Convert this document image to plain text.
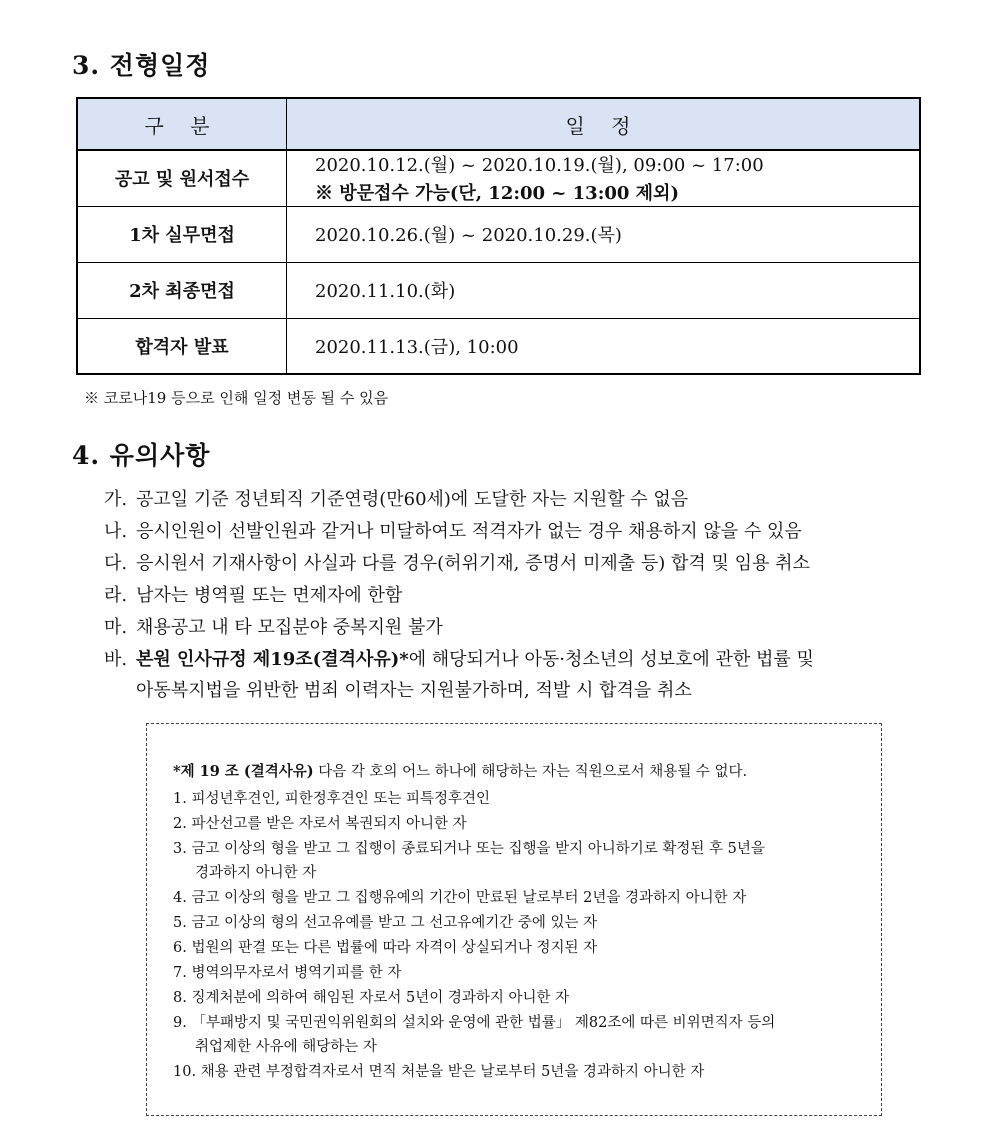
3. 전형일정
구 분	일 정
공고 및 원서접수	2020.10.12.(월) ~ 2020.10.19.(월), 09:00 ~ 17:00
※ 방문접수 가능(단, 12:00 ~ 13:00 제외)

1차 실무면접	2020.10.26.(월) ~ 2020.10.29.(목)
2차 최종면접	2020.11.10.(화)
합격자 발표	2020.11.13.(금), 10:00
※ 코로나19 등으로 인해 일정 변동 될 수 있음
4. 유의사항
가. 공고일 기준 정년퇴직 기준연령(만60세)에 도달한 자는 지원할 수 없음
나. 응시인원이 선발인원과 같거나 미달하여도 적격자가 없는 경우 채용하지 않을 수 있음
다. 응시원서 기재사항이 사실과 다를 경우(허위기재, 증명서 미제출 등) 합격 및 임용 취소
라. 남자는 병역필 또는 면제자에 한함
마. 채용공고 내 타 모집분야 중복지원 불가
바. 본원 인사규정 제19조(결격사유)*에 해당되거나 아동·청소년의 성보호에 관한 법률 및
아동복지법을 위반한 범죄 이력자는 지원불가하며, 적발 시 합격을 취소
*제 19 조 (결격사유) 다음 각 호의 어느 하나에 해당하는 자는 직원으로서 채용될 수 없다.
1. 피성년후견인, 피한정후견인 또는 피특정후견인
2. 파산선고를 받은 자로서 복권되지 아니한 자
3. 금고 이상의 형을 받고 그 집행이 종료되거나 또는 집행을 받지 아니하기로 확정된 후 5년을
경과하지 아니한 자
4. 금고 이상의 형을 받고 그 집행유예의 기간이 만료된 날로부터 2년을 경과하지 아니한 자
5. 금고 이상의 형의 선고유예를 받고 그 선고유예기간 중에 있는 자
6. 법원의 판결 또는 다른 법률에 따라 자격이 상실되거나 정지된 자
7. 병역의무자로서 병역기피를 한 자
8. 징계처분에 의하여 해임된 자로서 5년이 경과하지 아니한 자
9. 「부패방지 및 국민권익위원회의 설치와 운영에 관한 법률」 제82조에 따른 비위면직자 등의
취업제한 사유에 해당하는 자
10. 채용 관련 부정합격자로서 면직 처분을 받은 날로부터 5년을 경과하지 아니한 자
